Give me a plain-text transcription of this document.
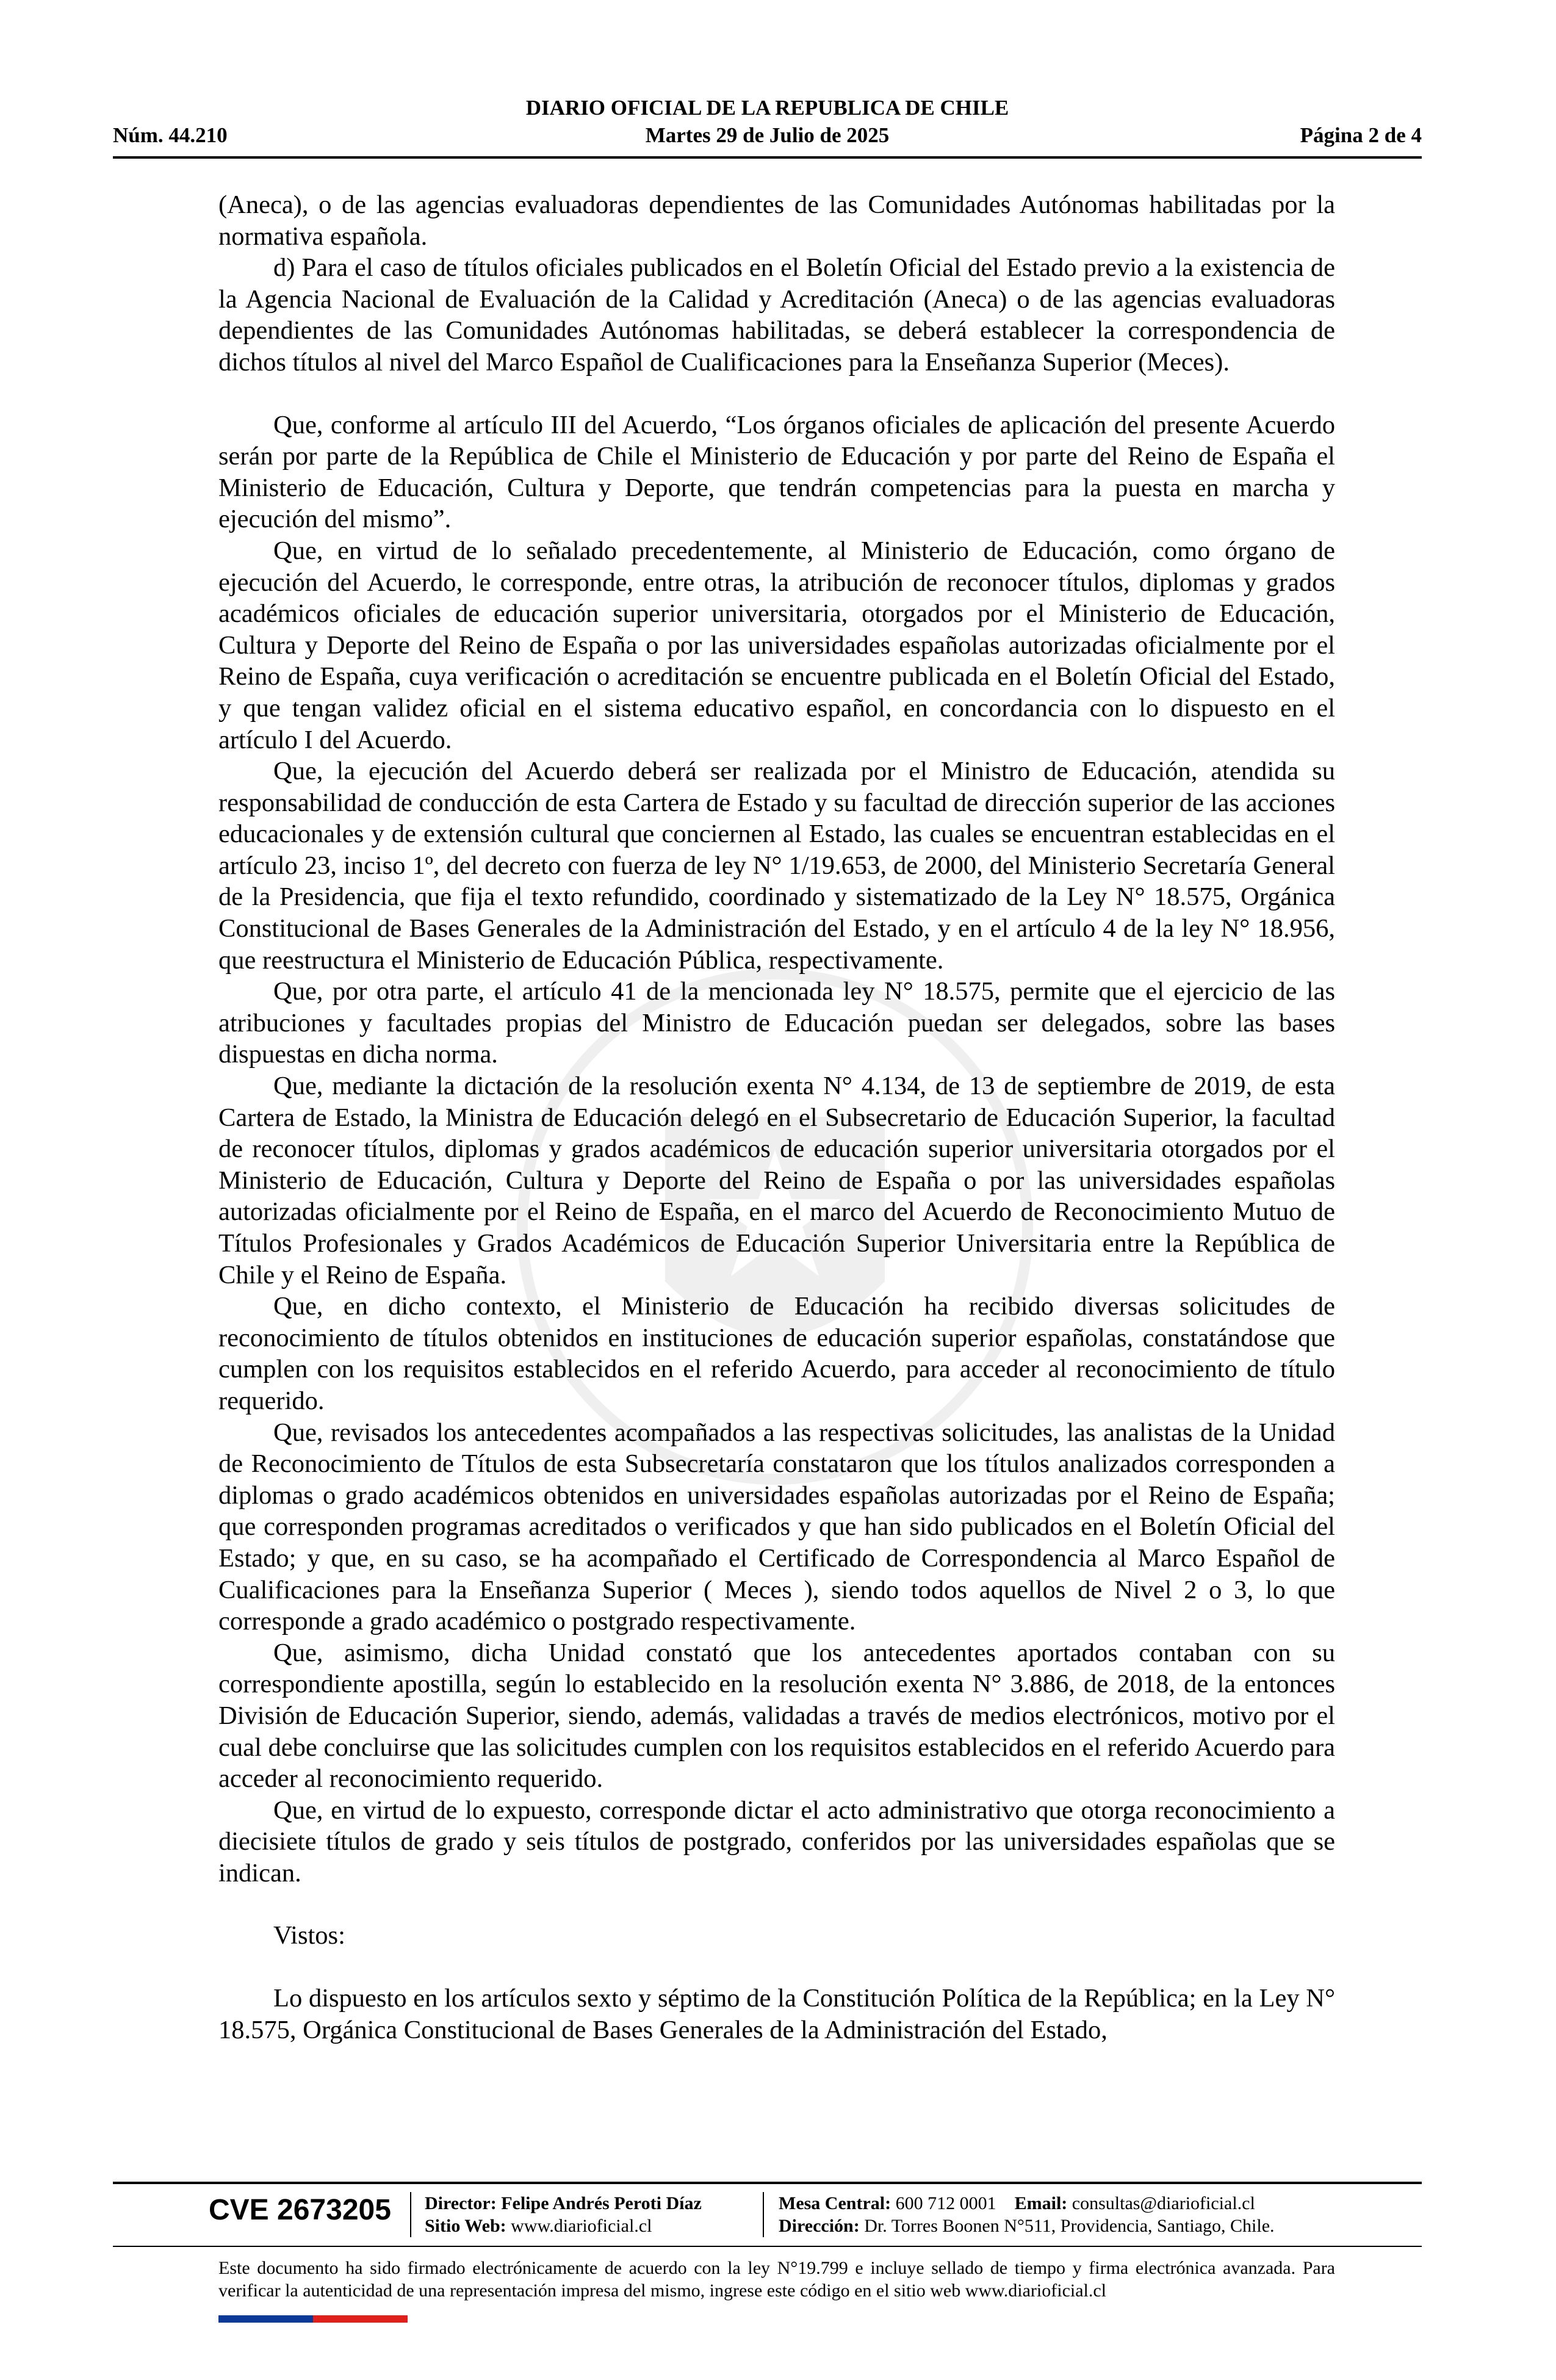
DIARIO OFICIAL DE LA REPUBLICA DE CHILE
Núm. 44.210	Martes 29 de Julio de 2025	Página 2 de 4

(Aneca), o de las agencias evaluadoras dependientes de las Comunidades Autónomas habilitadas por la normativa española.

d) Para el caso de títulos oficiales publicados en el Boletín Oficial del Estado previo a la existencia de la Agencia Nacional de Evaluación de la Calidad y Acreditación (Aneca) o de las agencias evaluadoras dependientes de las Comunidades Autónomas habilitadas, se deberá establecer la correspondencia de dichos títulos al nivel del Marco Español de Cualificaciones para la Enseñanza Superior (Meces).

Que, conforme al artículo III del Acuerdo, “Los órganos oficiales de aplicación del presente Acuerdo serán por parte de la República de Chile el Ministerio de Educación y por parte del Reino de España el Ministerio de Educación, Cultura y Deporte, que tendrán competencias para la puesta en marcha y ejecución del mismo”.

Que, en virtud de lo señalado precedentemente, al Ministerio de Educación, como órgano de ejecución del Acuerdo, le corresponde, entre otras, la atribución de reconocer títulos, diplomas y grados académicos oficiales de educación superior universitaria, otorgados por el Ministerio de Educación, Cultura y Deporte del Reino de España o por las universidades españolas autorizadas oficialmente por el Reino de España, cuya verificación o acreditación se encuentre publicada en el Boletín Oficial del Estado, y que tengan validez oficial en el sistema educativo español, en concordancia con lo dispuesto en el artículo I del Acuerdo.

Que, la ejecución del Acuerdo deberá ser realizada por el Ministro de Educación, atendida su responsabilidad de conducción de esta Cartera de Estado y su facultad de dirección superior de las acciones educacionales y de extensión cultural que conciernen al Estado, las cuales se encuentran establecidas en el artículo 23, inciso 1º, del decreto con fuerza de ley N° 1/19.653, de 2000, del Ministerio Secretaría General de la Presidencia, que fija el texto refundido, coordinado y sistematizado de la Ley N° 18.575, Orgánica Constitucional de Bases Generales de la Administración del Estado, y en el artículo 4 de la ley N° 18.956, que reestructura el Ministerio de Educación Pública, respectivamente.

Que, por otra parte, el artículo 41 de la mencionada ley N° 18.575, permite que el ejercicio de las atribuciones y facultades propias del Ministro de Educación puedan ser delegados, sobre las bases dispuestas en dicha norma.

Que, mediante la dictación de la resolución exenta N° 4.134, de 13 de septiembre de 2019, de esta Cartera de Estado, la Ministra de Educación delegó en el Subsecretario de Educación Superior, la facultad de reconocer títulos, diplomas y grados académicos de educación superior universitaria otorgados por el Ministerio de Educación, Cultura y Deporte del Reino de España o por las universidades españolas autorizadas oficialmente por el Reino de España, en el marco del Acuerdo de Reconocimiento Mutuo de Títulos Profesionales y Grados Académicos de Educación Superior Universitaria entre la República de Chile y el Reino de España.

Que, en dicho contexto, el Ministerio de Educación ha recibido diversas solicitudes de reconocimiento de títulos obtenidos en instituciones de educación superior españolas, constatándose que cumplen con los requisitos establecidos en el referido Acuerdo, para acceder al reconocimiento de título requerido.

Que, revisados los antecedentes acompañados a las respectivas solicitudes, las analistas de la Unidad de Reconocimiento de Títulos de esta Subsecretaría constataron que los títulos analizados corresponden a diplomas o grado académicos obtenidos en universidades españolas autorizadas por el Reino de España; que corresponden programas acreditados o verificados y que han sido publicados en el Boletín Oficial del Estado; y que, en su caso, se ha acompañado el Certificado de Correspondencia al Marco Español de Cualificaciones para la Enseñanza Superior ( Meces ), siendo todos aquellos de Nivel 2 o 3, lo que corresponde a grado académico o postgrado respectivamente.

Que, asimismo, dicha Unidad constató que los antecedentes aportados contaban con su correspondiente apostilla, según lo establecido en la resolución exenta N° 3.886, de 2018, de la entonces División de Educación Superior, siendo, además, validadas a través de medios electrónicos, motivo por el cual debe concluirse que las solicitudes cumplen con los requisitos establecidos en el referido Acuerdo para acceder al reconocimiento requerido.

Que, en virtud de lo expuesto, corresponde dictar el acto administrativo que otorga reconocimiento a diecisiete títulos de grado y seis títulos de postgrado, conferidos por las universidades españolas que se indican.

Vistos:

Lo dispuesto en los artículos sexto y séptimo de la Constitución Política de la República; en la Ley N° 18.575, Orgánica Constitucional de Bases Generales de la Administración del Estado,

CVE 2673205 Director: Felipe Andrés Peroti Díaz
Sitio Web: www.diarioficial.cl
Mesa Central: 600 712 0001 Email: consultas@diarioficial.cl
Dirección: Dr. Torres Boonen N°511, Providencia, Santiago, Chile.
Este documento ha sido firmado electrónicamente de acuerdo con la ley N°19.799 e incluye sellado de tiempo y firma electrónica avanzada. Para verificar la autenticidad de una representación impresa del mismo, ingrese este código en el sitio web www.diarioficial.cl
